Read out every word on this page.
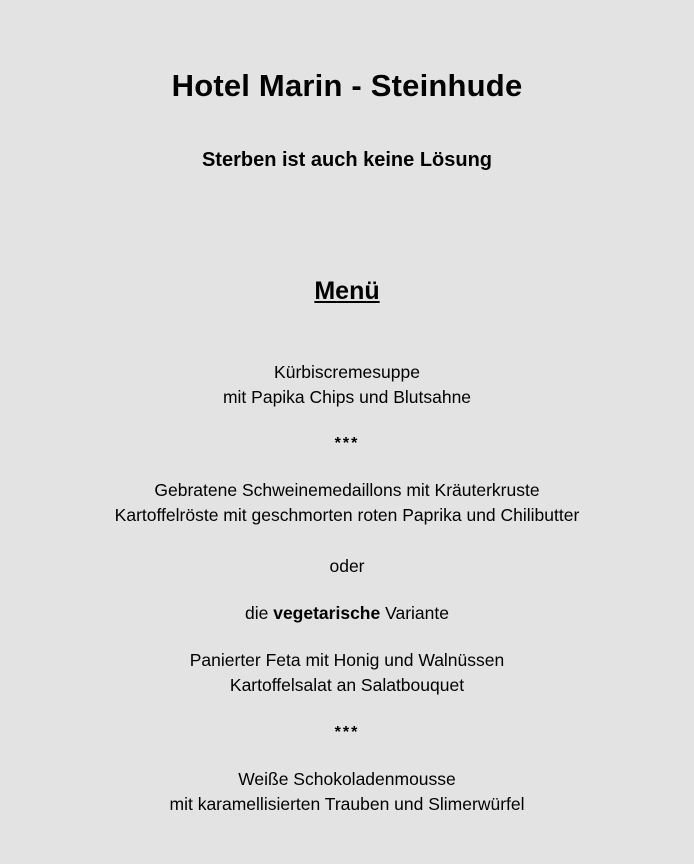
Hotel Marin - Steinhude
Sterben ist auch keine Lösung
Menü

Kürbiscremesuppe
mit Papika Chips und Blutsahne

***

Gebratene Schweinemedaillons mit Kräuterkruste
Kartoffelröste mit geschmorten roten Paprika und Chilibutter

oder

die vegetarische Variante

Panierter Feta mit Honig und Walnüssen
Kartoffelsalat an Salatbouquet

***

Weiße Schokoladenmousse
mit karamellisierten Trauben und Slimerwürfel
